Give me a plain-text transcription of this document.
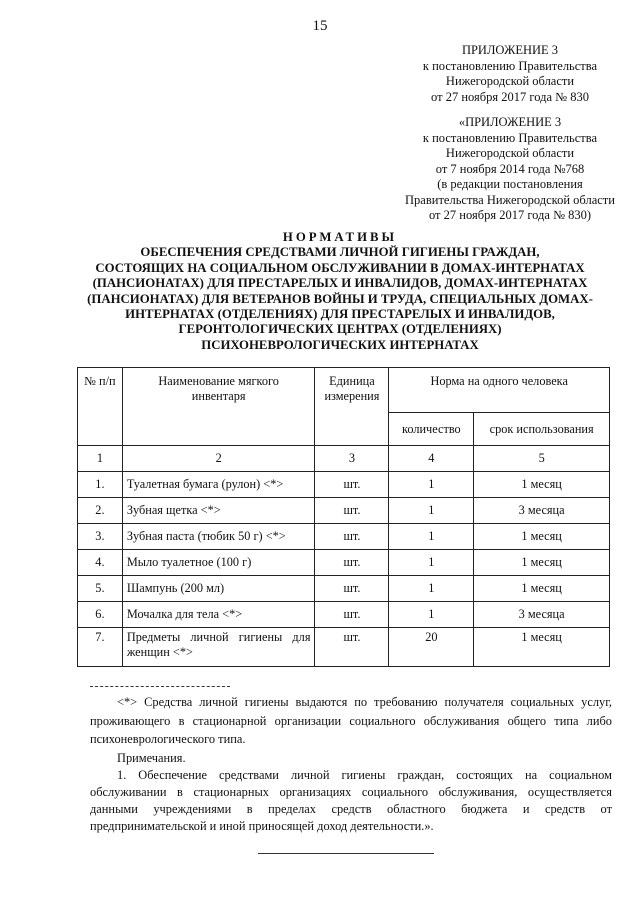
15
ПРИЛОЖЕНИЕ 3
к постановлению Правительства
Нижегородской области
от 27 ноября 2017 года № 830
«ПРИЛОЖЕНИЕ 3
к постановлению Правительства
Нижегородской области
от 7 ноября 2014 года №768
(в редакции постановления
Правительства Нижегородской области
от 27 ноября 2017 года № 830)
НОРМАТИВЫ
ОБЕСПЕЧЕНИЯ СРЕДСТВАМИ ЛИЧНОЙ ГИГИЕНЫ ГРАЖДАН,
СОСТОЯЩИХ НА СОЦИАЛЬНОМ ОБСЛУЖИВАНИИ В ДОМАХ-ИНТЕРНАТАХ
(ПАНСИОНАТАХ) ДЛЯ ПРЕСТАРЕЛЫХ И ИНВАЛИДОВ, ДОМАХ-ИНТЕРНАТАХ
(ПАНСИОНАТАХ) ДЛЯ ВЕТЕРАНОВ ВОЙНЫ И ТРУДА, СПЕЦИАЛЬНЫХ ДОМАХ-
ИНТЕРНАТАХ (ОТДЕЛЕНИЯХ) ДЛЯ ПРЕСТАРЕЛЫХ И ИНВАЛИДОВ,
ГЕРОНТОЛОГИЧЕСКИХ ЦЕНТРАХ (ОТДЕЛЕНИЯХ)
ПСИХОНЕВРОЛОГИЧЕСКИХ ИНТЕРНАТАХ
№ п/п	Наименование мягкого инвентаря	Единица измерения	Норма на одного человека	
			количество	срок использования
1	2	3	4	5
1.	Туалетная бумага (рулон) <*>	шт.	1	1 месяц
2.	Зубная щетка <*>	шт.	1	3 месяца
3.	Зубная паста (тюбик 50 г) <*>	шт.	1	1 месяц
4.	Мыло туалетное (100 г)	шт.	1	1 месяц
5.	Шампунь (200 мл)	шт.	1	1 месяц
6.	Мочалка для тела <*>	шт.	1	3 месяца
7.	Предметы личной гигиены для женщин <*>	шт.	20	1 месяц
<*> Средства личной гигиены выдаются по требованию получателя социальных услуг, проживающего в стационарной организации социального обслуживания общего типа либо психоневрологического типа.
Примечания.
1. Обеспечение средствами личной гигиены граждан, состоящих на социальном обслуживании в стационарных организациях социального обслуживания, осуществляется данными учреждениями в пределах средств областного бюджета и средств от предпринимательской и иной приносящей доход деятельности.».
